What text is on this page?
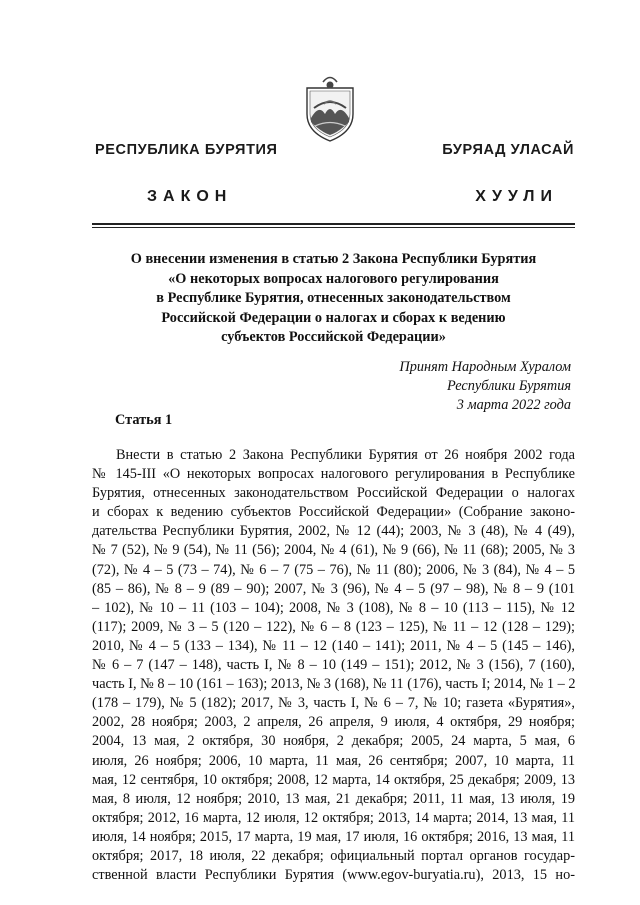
РЕСПУБЛИКА БУРЯТИЯ	БУРЯАД УЛАСАЙ
ЗАКОН	ХУУЛИ
О внесении изменения в статью 2 Закона Республики Бурятия
«О некоторых вопросах налогового регулирования
в Республике Бурятия, отнесенных законодательством
Российской Федерации о налогах и сборах к ведению
субъектов Российской Федерации»
Принят Народным Хуралом
Республики Бурятия
3 марта 2022 года
Статья 1
Внести в статью 2 Закона Республики Бурятия от 26 ноября 2002 года
№ 145-III «О некоторых вопросах налогового регулирования в Республике
Бурятия, отнесенных законодательством Российской Федерации о налогах
и сборах к ведению субъектов Российской Федерации» (Собрание законо-
дательства Республики Бурятия, 2002, № 12 (44); 2003, № 3 (48), № 4 (49),
№ 7 (52), № 9 (54), № 11 (56); 2004, № 4 (61), № 9 (66), № 11 (68); 2005, № 3
(72), № 4 – 5 (73 – 74), № 6 – 7 (75 – 76), № 11 (80); 2006, № 3 (84), № 4 – 5
(85 – 86), № 8 – 9 (89 – 90); 2007, № 3 (96), № 4 – 5 (97 – 98), № 8 – 9 (101
– 102), № 10 – 11 (103 – 104); 2008, № 3 (108), № 8 – 10 (113 – 115), № 12
(117); 2009, № 3 – 5 (120 – 122), № 6 – 8 (123 – 125), № 11 – 12 (128 – 129);
2010, № 4 – 5 (133 – 134), № 11 – 12 (140 – 141); 2011, № 4 – 5 (145 – 146),
№ 6 – 7 (147 – 148), часть I, № 8 – 10 (149 – 151); 2012, № 3 (156), 7 (160),
часть I, № 8 – 10 (161 – 163); 2013, № 3 (168), № 11 (176), часть I; 2014, № 1 – 2
(178 – 179), № 5 (182); 2017, № 3, часть I, № 6 – 7, № 10; газета «Бурятия»,
2002, 28 ноября; 2003, 2 апреля, 26 апреля, 9 июля, 4 октября, 29 ноября;
2004, 13 мая, 2 октября, 30 ноября, 2 декабря; 2005, 24 марта, 5 мая, 6
июля, 26 ноября; 2006, 10 марта, 11 мая, 26 сентября; 2007, 10 марта, 11
мая, 12 сентября, 10 октября; 2008, 12 марта, 14 октября, 25 декабря; 2009, 13
мая, 8 июля, 12 ноября; 2010, 13 мая, 21 декабря; 2011, 11 мая, 13 июля, 19
октября; 2012, 16 марта, 12 июля, 12 октября; 2013, 14 марта; 2014, 13 мая, 11
июля, 14 ноября; 2015, 17 марта, 19 мая, 17 июля, 16 октября; 2016, 13 мая, 11
октября; 2017, 18 июля, 22 декабря; официальный портал органов государ-
ственной власти Республики Бурятия (www.egov-buryatia.ru), 2013, 15 но-
